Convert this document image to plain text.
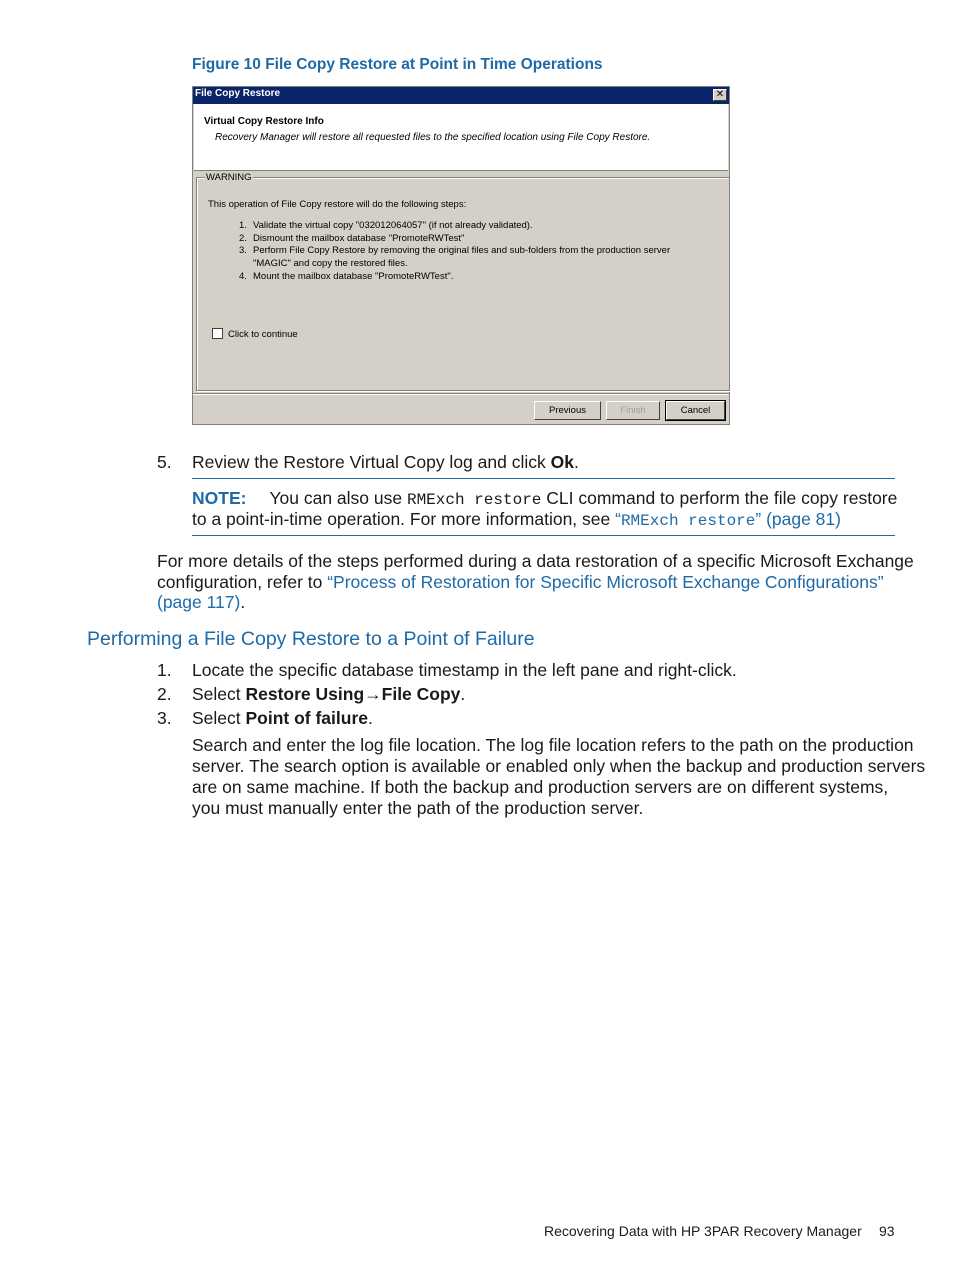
Figure 10 File Copy Restore at Point in Time Operations
File Copy Restore	✕
Virtual Copy Restore Info
Recovery Manager will restore all requested files to the specified location using File Copy Restore.
WARNING
This operation of File Copy restore will do the following steps:
1. Validate the virtual copy "032012064057" (if not already validated).
2. Dismount the mailbox database "PromoteRWTest"
3. Perform File Copy Restore by removing the original files and sub-folders from the production server
"MAGIC" and copy the restored files.
4. Mount the mailbox database "PromoteRWTest".
Click to continue
Previous	Finish	Cancel
5. Review the Restore Virtual Copy log and click Ok.
NOTE: You can also use RMExch restore CLI command to perform the file copy restore
to a point-in-time operation. For more information, see “RMExch restore” (page 81)
For more details of the steps performed during a data restoration of a specific Microsoft Exchange
configuration, refer to “Process of Restoration for Specific Microsoft Exchange Configurations”
(page 117).
Performing a File Copy Restore to a Point of Failure
1. Locate the specific database timestamp in the left pane and right-click.
2. Select Restore Using→File Copy.
3. Select Point of failure.
Search and enter the log file location. The log file location refers to the path on the production
server. The search option is available or enabled only when the backup and production servers
are on same machine. If both the backup and production servers are on different systems,
you must manually enter the path of the production server.
Recovering Data with HP 3PAR Recovery Manager 93
